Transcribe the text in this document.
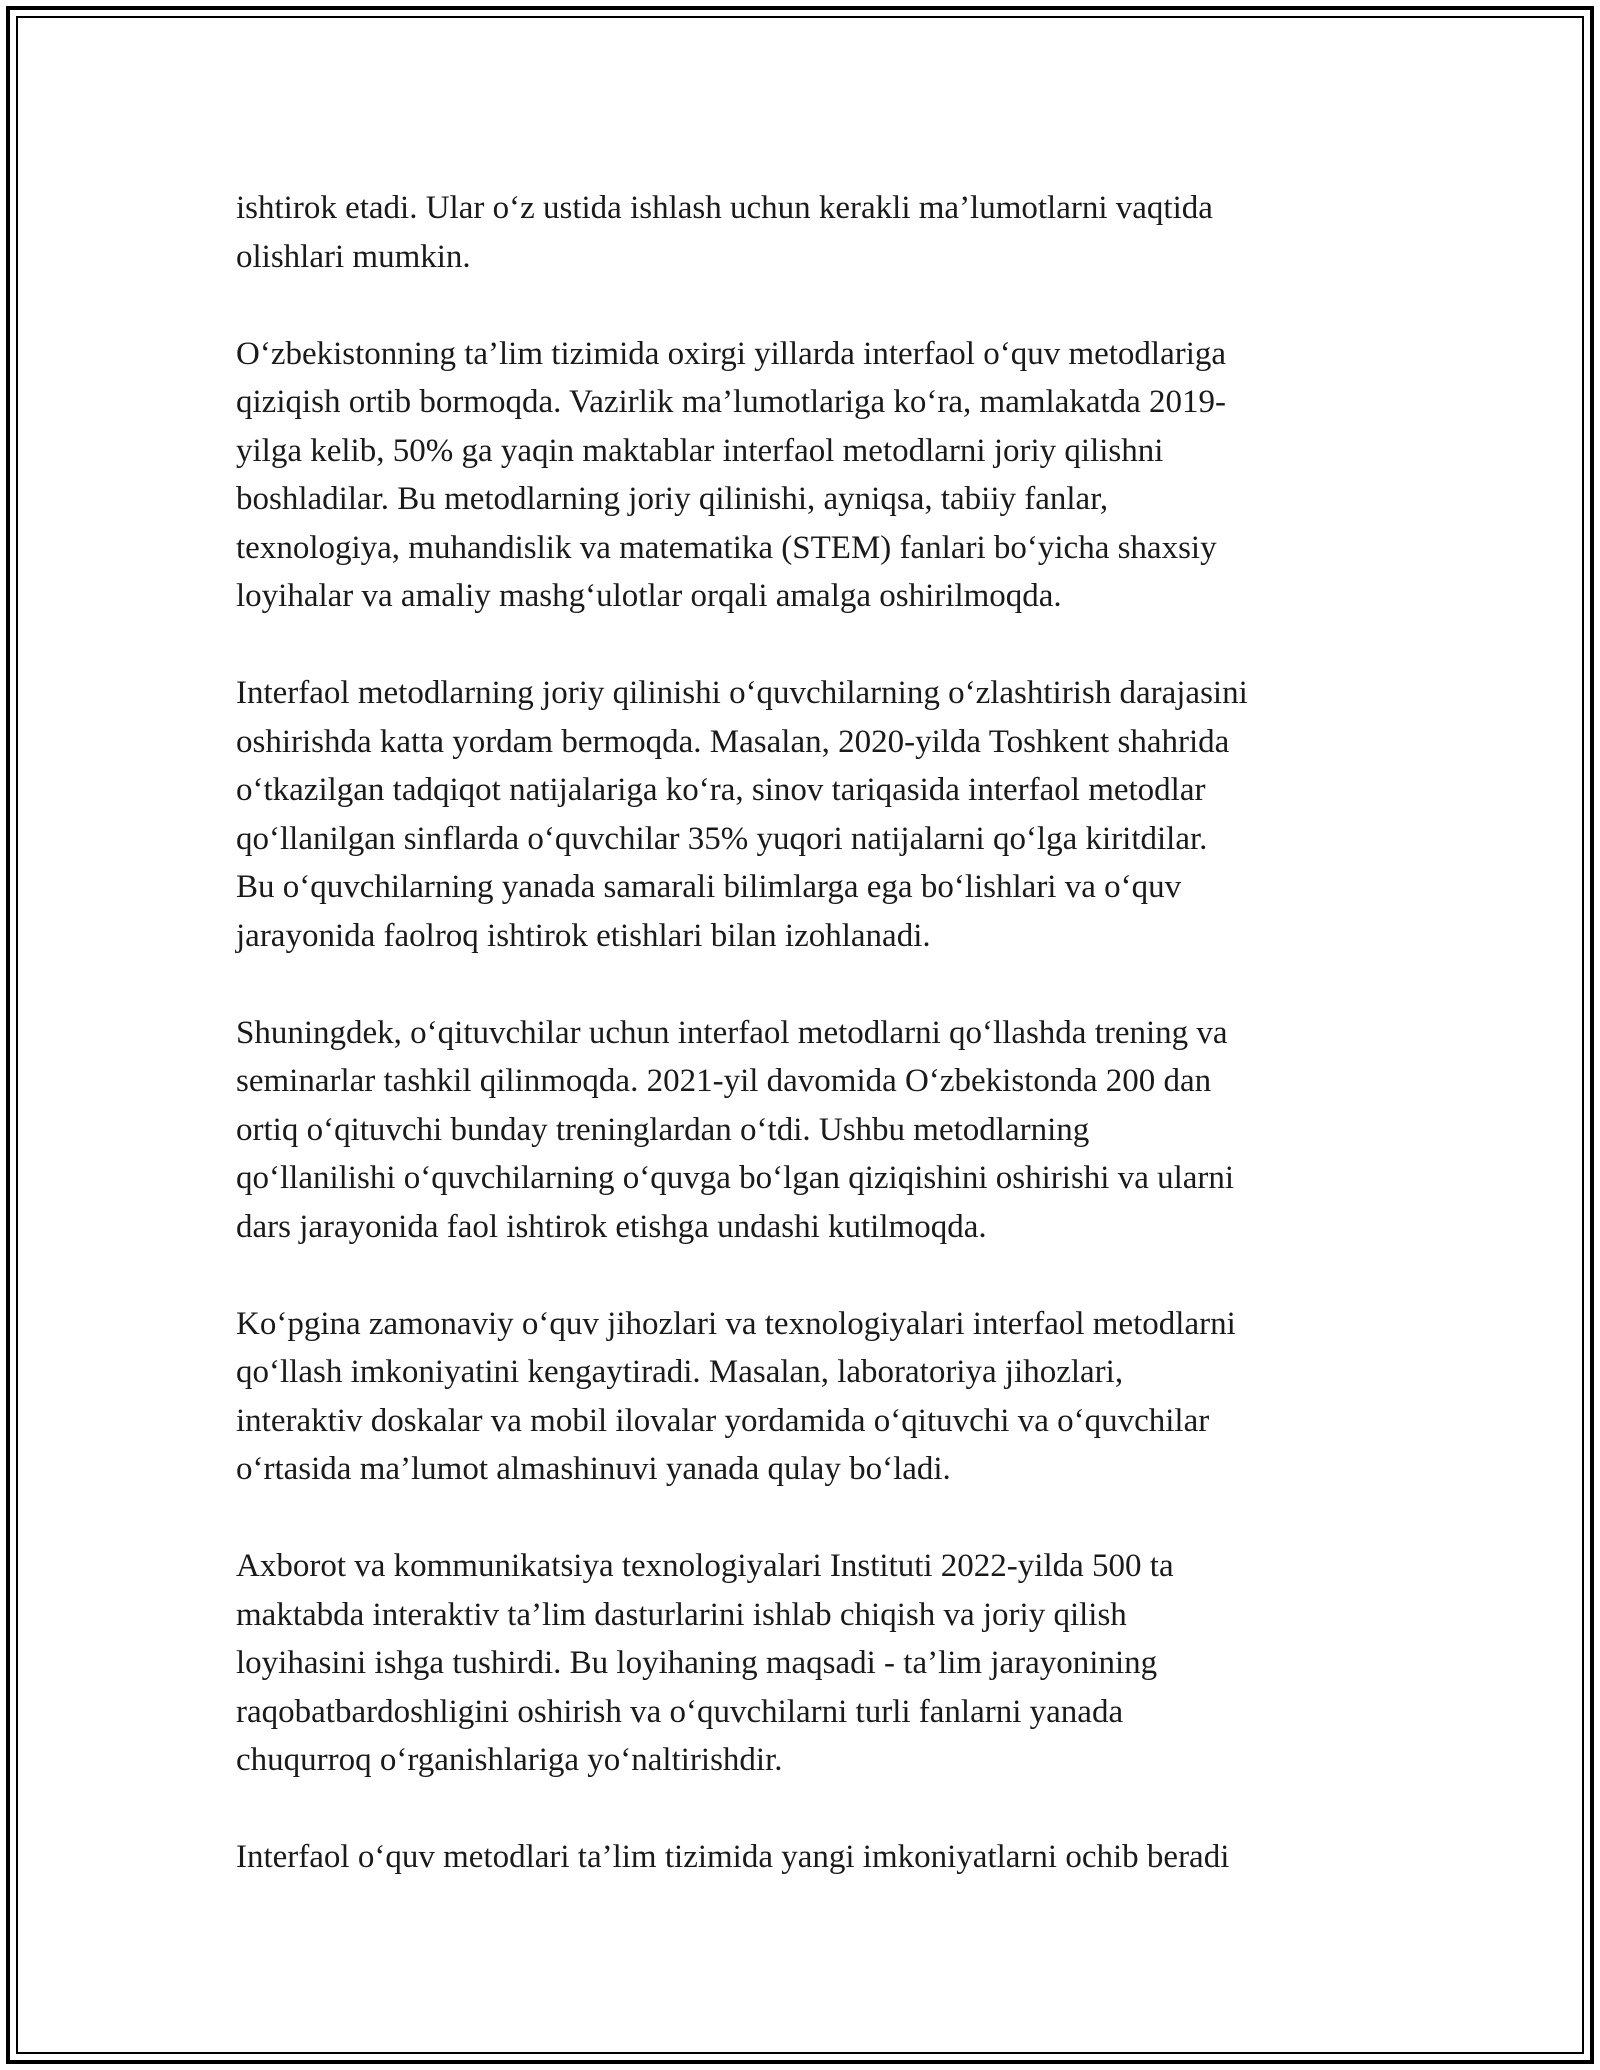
ishtirok etadi. Ular o‘z ustida ishlash uchun kerakli ma’lumotlarni vaqtida
olishlari mumkin.

O‘zbekistonning ta’lim tizimida oxirgi yillarda interfaol o‘quv metodlariga
qiziqish ortib bormoqda. Vazirlik ma’lumotlariga ko‘ra, mamlakatda 2019-
yilga kelib, 50% ga yaqin maktablar interfaol metodlarni joriy qilishni
boshladilar. Bu metodlarning joriy qilinishi, ayniqsa, tabiiy fanlar,
texnologiya, muhandislik va matematika (STEM) fanlari bo‘yicha shaxsiy
loyihalar va amaliy mashg‘ulotlar orqali amalga oshirilmoqda.

Interfaol metodlarning joriy qilinishi o‘quvchilarning o‘zlashtirish darajasini
oshirishda katta yordam bermoqda. Masalan, 2020-yilda Toshkent shahrida
o‘tkazilgan tadqiqot natijalariga ko‘ra, sinov tariqasida interfaol metodlar
qo‘llanilgan sinflarda o‘quvchilar 35% yuqori natijalarni qo‘lga kiritdilar.
Bu o‘quvchilarning yanada samarali bilimlarga ega bo‘lishlari va o‘quv
jarayonida faolroq ishtirok etishlari bilan izohlanadi.

Shuningdek, o‘qituvchilar uchun interfaol metodlarni qo‘llashda trening va
seminarlar tashkil qilinmoqda. 2021-yil davomida O‘zbekistonda 200 dan
ortiq o‘qituvchi bunday treninglardan o‘tdi. Ushbu metodlarning
qo‘llanilishi o‘quvchilarning o‘quvga bo‘lgan qiziqishini oshirishi va ularni
dars jarayonida faol ishtirok etishga undashi kutilmoqda.

Ko‘pgina zamonaviy o‘quv jihozlari va texnologiyalari interfaol metodlarni
qo‘llash imkoniyatini kengaytiradi. Masalan, laboratoriya jihozlari,
interaktiv doskalar va mobil ilovalar yordamida o‘qituvchi va o‘quvchilar
o‘rtasida ma’lumot almashinuvi yanada qulay bo‘ladi.

Axborot va kommunikatsiya texnologiyalari Instituti 2022-yilda 500 ta
maktabda interaktiv ta’lim dasturlarini ishlab chiqish va joriy qilish
loyihasini ishga tushirdi. Bu loyihaning maqsadi - ta’lim jarayonining
raqobatbardoshligini oshirish va o‘quvchilarni turli fanlarni yanada
chuqurroq o‘rganishlariga yo‘naltirishdir.

Interfaol o‘quv metodlari ta’lim tizimida yangi imkoniyatlarni ochib beradi
